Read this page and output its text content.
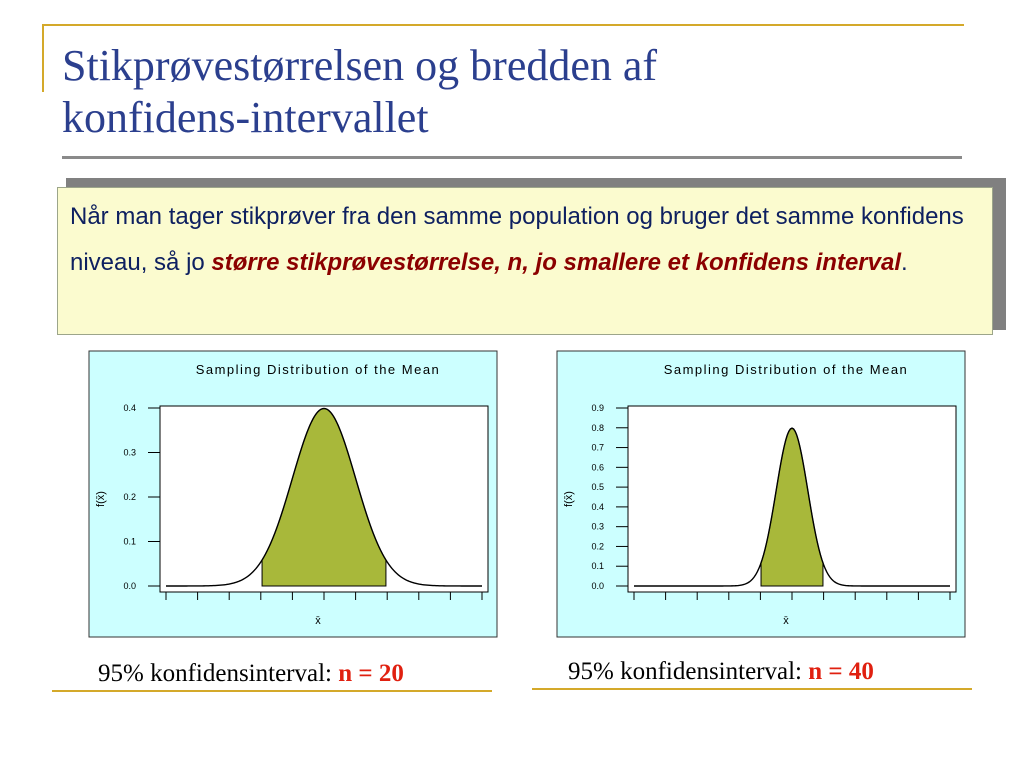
Stikprøvestørrelsen og bredden af
konfidens-intervallet
Når man tager stikprøver fra den samme population og bruger det samme konfidens niveau, så jo større stikprøvestørrelse, n, jo smallere et konfidens interval.
Sampling Distribution of the Mean
0.0
0.1
0.2
0.3
0.4
x̄
f(x̄)
Sampling Distribution of the Mean
0.0
0.1
0.2
0.3
0.4
0.5
0.6
0.7
0.8
0.9
x̄
f(x̄)
95% konfidensinterval: n = 20	95% konfidensinterval: n = 40
